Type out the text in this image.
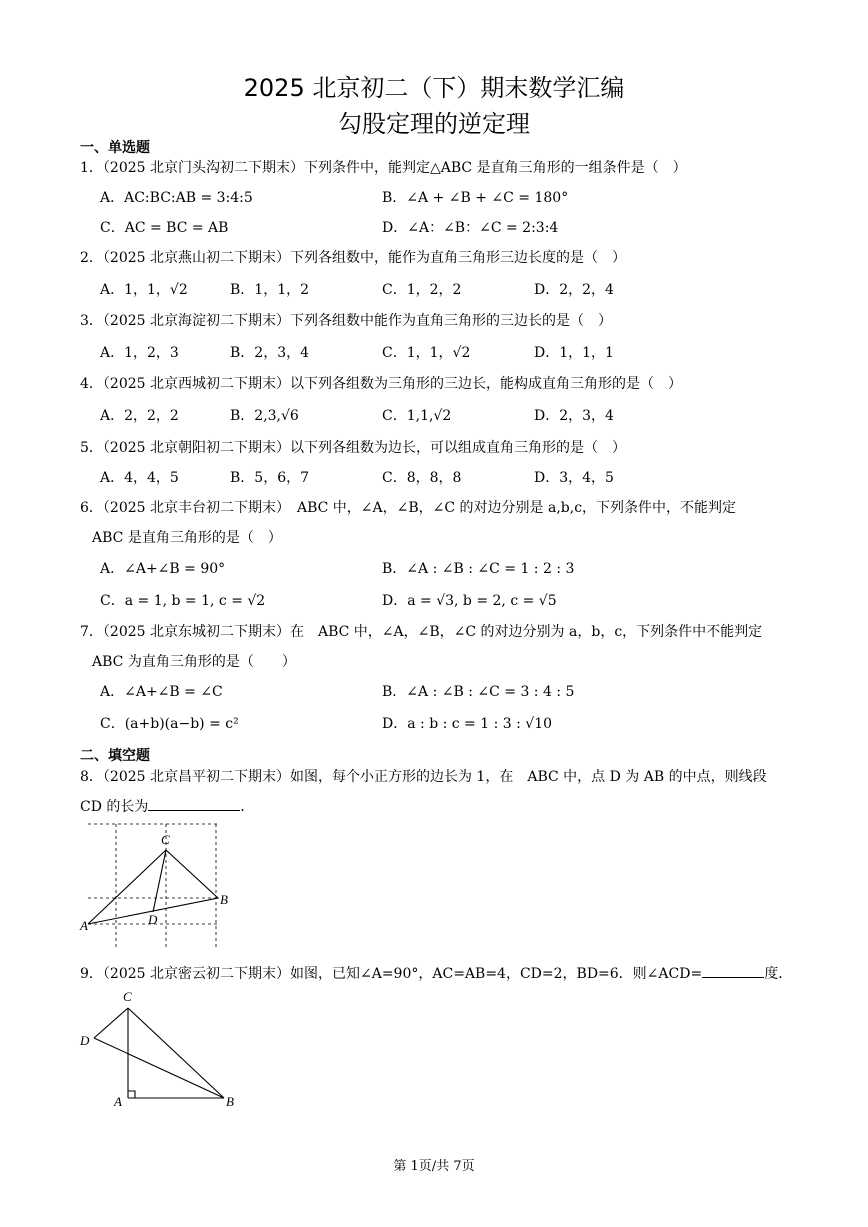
2025 北京初二（下）期末数学汇编
勾股定理的逆定理
一、单选题
1．（2025 北京门头沟初二下期末）下列条件中，能判定△ABC 是直角三角形的一组条件是（　）
A．AC:BC:AB = 3:4:5	B．∠A + ∠B + ∠C = 180°
C．AC = BC = AB	D．∠A：∠B：∠C = 2:3:4
2．（2025 北京燕山初二下期末）下列各组数中，能作为直角三角形三边长度的是（　）
A．1，1，√2	B．1，1，2	C．1，2，2	D．2，2，4
3．（2025 北京海淀初二下期末）下列各组数中能作为直角三角形的三边长的是（　）
A．1，2，3	B．2，3，4	C．1，1，√2	D．1，1，1
4．（2025 北京西城初二下期末）以下列各组数为三角形的三边长，能构成直角三角形的是（　）
A．2，2，2	B．2,3,√6	C．1,1,√2	D．2，3，4
5．（2025 北京朝阳初二下期末）以下列各组数为边长，可以组成直角三角形的是（　）
A．4，4，5	B．5，6，7	C．8，8，8	D．3，4，5
6．（2025 北京丰台初二下期末）　ABC 中，∠A，∠B，∠C 的对边分别是 a,b,c，下列条件中，不能判定
ABC 是直角三角形的是（　）
A．∠A+∠B = 90°	B．∠A : ∠B : ∠C = 1 : 2 : 3
C．a = 1, b = 1, c = √2	D．a = √3, b = 2, c = √5
7．（2025 北京东城初二下期末）在　ABC 中，∠A，∠B，∠C 的对边分别为 a，b，c，下列条件中不能判定
ABC 为直角三角形的是（　　）
A．∠A+∠B = ∠C	B．∠A : ∠B : ∠C = 3 : 4 : 5
C．(a+b)(a−b) = c²	D．a : b : c = 1 : 3 : √10
二、填空题
8．（2025 北京昌平初二下期末）如图，每个小正方形的边长为 1，在　ABC 中，点 D 为 AB 的中点，则线段
CD 的长为	．
C
B
A	D
9．（2025 北京密云初二下期末）如图，已知∠A=90°，AC=AB=4，CD=2，BD=6．则∠ACD=	度．
C
D
A	B
第 1页/共 7页
